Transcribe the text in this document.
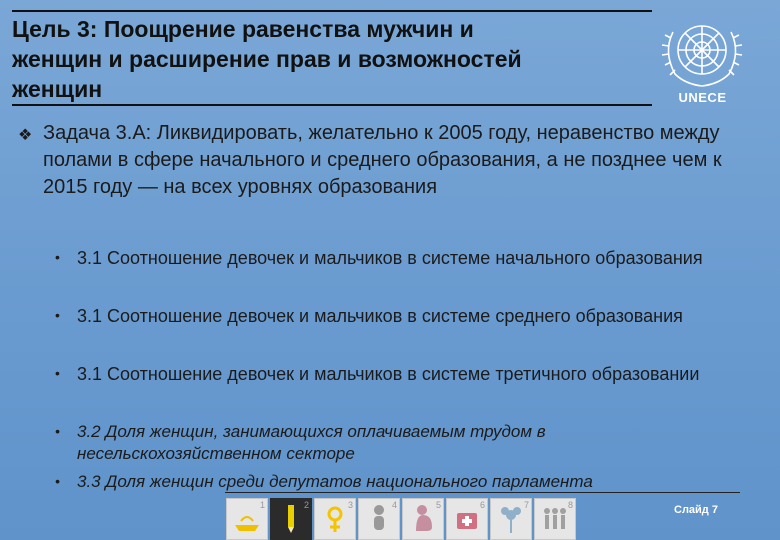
Цель 3: Поощрение равенства мужчин и
женщин и расширение прав и возможностей
женщин	UNECE
❖ Задача 3.A: Ликвидировать, желательно к 2005 году, неравенство между полами в сфере начального и среднего образования, а не позднее чем к 2015 году — на всех уровнях образования
• 3.1 Соотношение девочек и мальчиков в системе начального образования
• 3.1 Соотношение девочек и мальчиков в системе среднего образования
• 3.1 Соотношение девочек и мальчиков в системе третичного образовании
• 3.2 Доля женщин, занимающихся оплачиваемым трудом в несельскохозяйственном секторе
• 3.3 Доля женщин среди депутатов национального парламента
1	2	3	4	5	6	7	8	Слайд 7
